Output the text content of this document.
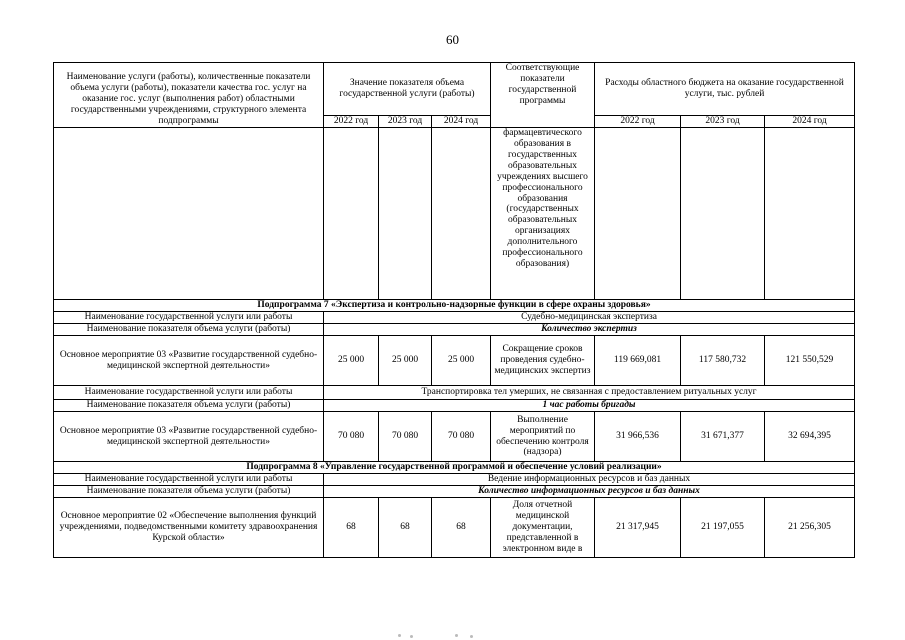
60
Наименование услуги (работы), количественные показатели объема услуги (работы), показатели качества гос. услуг на оказание гос. услуг (выполнения работ) областными государственными учреждениями, структурного элемента подпрограммы	Значение показателя объема государственной услуги (работы)			Соответствующие показатели государственной программы	Расходы областного бюджета на оказание государственной услуги, тыс. рублей		
	2022 год	2023 год	2024 год		2022 год	2023 год	2024 год
				фармацевтического образования в государственных образовательных учреждениях высшего профессионального образования (государственных образовательных организациях дополнительного профессионального образования)			
Подпрограмма 7 «Экспертиза и контрольно-надзорные функции в сфере охраны здоровья»							
Наименование государственной услуги или работы	Судебно-медицинская экспертиза						
Наименование показателя объема услуги (работы)	Количество экспертиз						
Основное мероприятие 03 «Развитие государственной судебно-медицинской экспертной деятельности»	25 000	25 000	25 000	Сокращение сроков проведения судебно-медицинских экспертиз	119 669,081	117 580,732	121 550,529
Наименование государственной услуги или работы	Транспортировка тел умерших, не связанная с предоставлением ритуальных услуг						
Наименование показателя объема услуги (работы)	1 час работы бригады						
Основное мероприятие 03 «Развитие государственной судебно-медицинской экспертной деятельности»	70 080	70 080	70 080	Выполнение мероприятий по обеспечению контроля (надзора)	31 966,536	31 671,377	32 694,395
Подпрограмма 8 «Управление государственной программой и обеспечение условий реализации»							
Наименование государственной услуги или работы	Ведение информационных ресурсов и баз данных						
Наименование показателя объема услуги (работы)	Количество информационных ресурсов и баз данных						
Основное мероприятие 02 «Обеспечение выполнения функций учреждениями, подведомственными комитету здравоохранения Курской области»	68	68	68	Доля отчетной медицинской документации, представленной в электронном виде в	21 317,945	21 197,055	21 256,305
